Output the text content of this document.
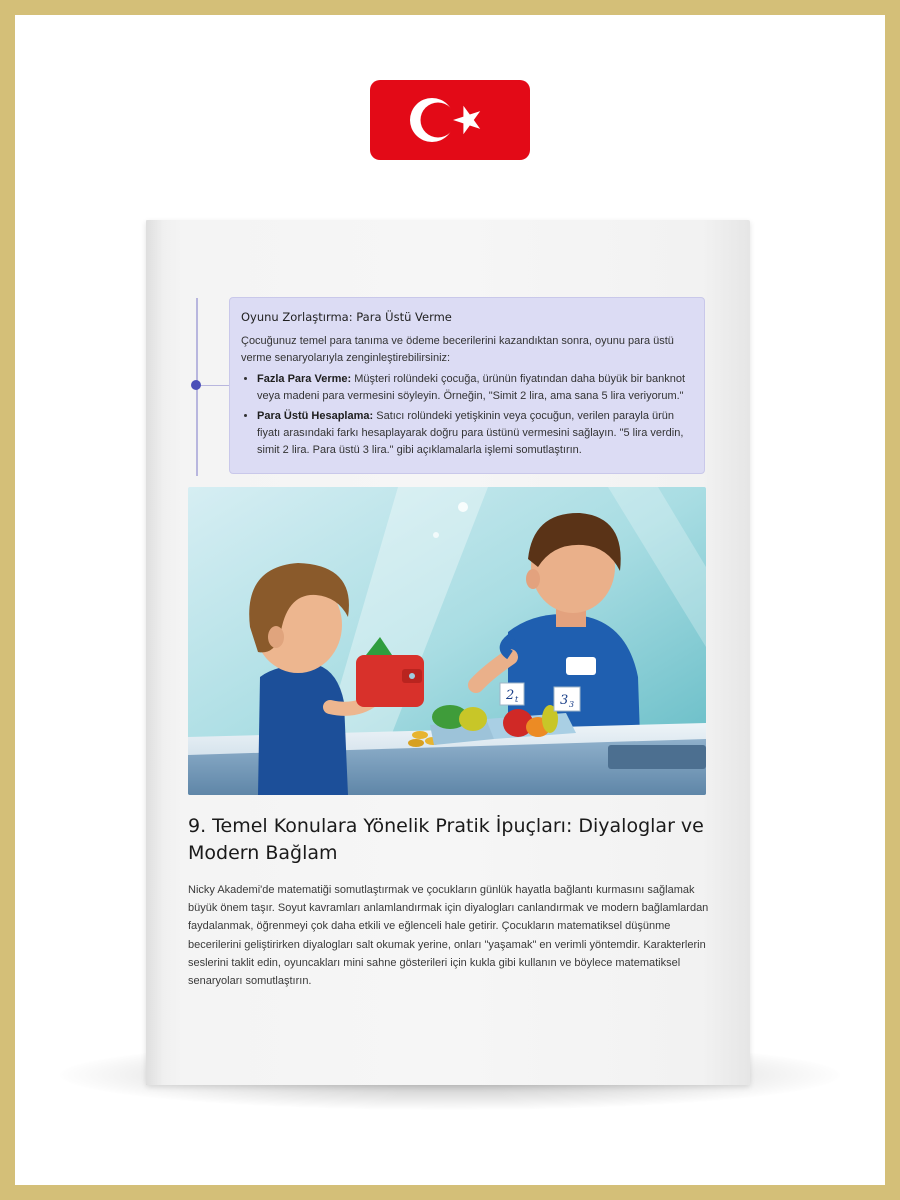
Oyunu Zorlaştırma: Para Üstü Verme

Çocuğunuz temel para tanıma ve ödeme becerilerini kazandıktan sonra, oyunu para üstü verme senaryolarıyla zenginleştirebilirsiniz:

• Fazla Para Verme: Müşteri rolündeki çocuğa, ürünün fiyatından daha büyük bir banknot veya madeni para vermesini söyleyin. Örneğin, "Simit 2 lira, ama sana 5 lira veriyorum."
• Para Üstü Hesaplama: Satıcı rolündeki yetişkinin veya çocuğun, verilen parayla ürün fiyatı arasındaki farkı hesaplayarak doğru para üstünü vermesini sağlayın. "5 lira verdin, simit 2 lira. Para üstü 3 lira." gibi açıklamalarla işlemi somutlaştırın.
2 t	3 3
9. Temel Konulara Yönelik Pratik İpuçları: Diyaloglar ve Modern Bağlam

Nicky Akademi'de matematiği somutlaştırmak ve çocukların günlük hayatla bağlantı kurmasını sağlamak büyük önem taşır. Soyut kavramları anlamlandırmak için diyalogları canlandırmak ve modern bağlamlardan faydalanmak, öğrenmeyi çok daha etkili ve eğlenceli hale getirir. Çocukların matematiksel düşünme becerilerini geliştirirken diyalogları salt okumak yerine, onları "yaşamak" en verimli yöntemdir. Karakterlerin seslerini taklit edin, oyuncakları mini sahne gösterileri için kukla gibi kullanın ve böylece matematiksel senaryoları somutlaştırın.
